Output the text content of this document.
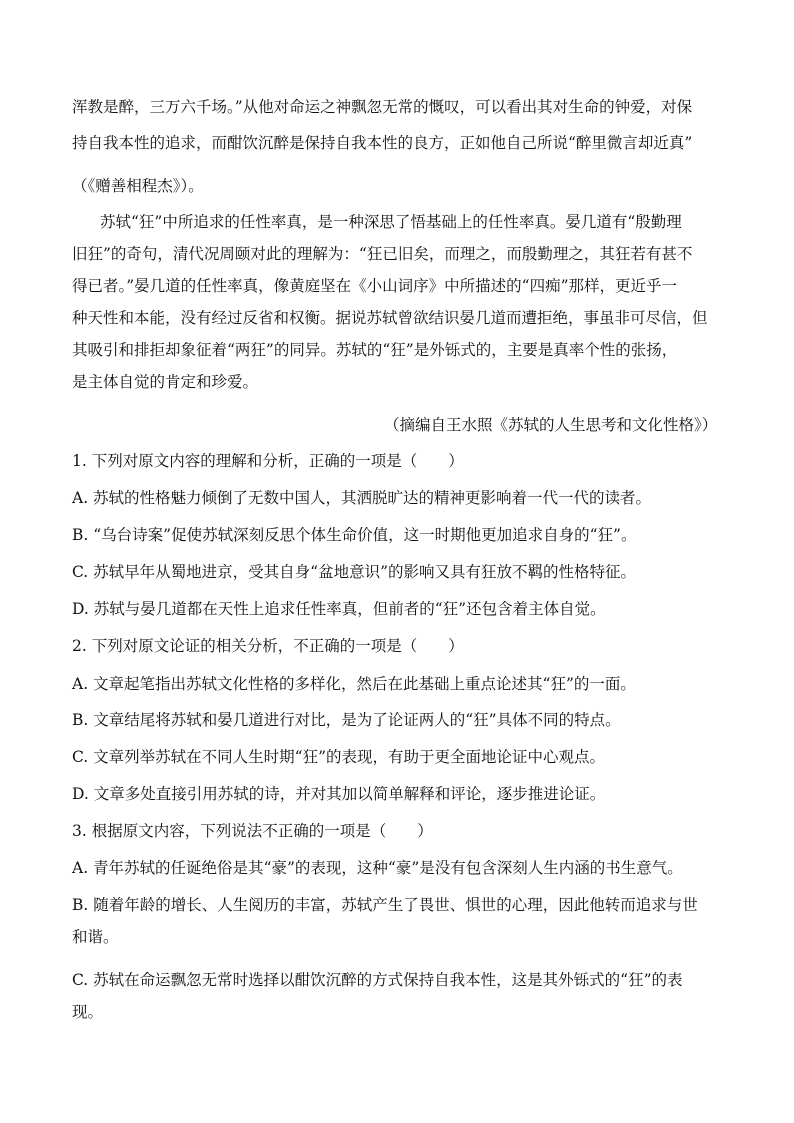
浑教是醉，三万六千场。”从他对命运之神飘忽无常的慨叹，可以看出其对生命的钟爱，对保
持自我本性的追求，而酣饮沉醉是保持自我本性的良方，正如他自己所说“醉里微言却近真”
（《赠善相程杰》）。
苏轼“狂”中所追求的任性率真，是一种深思了悟基础上的任性率真。晏几道有“殷勤理
旧狂”的奇句，清代况周颐对此的理解为：“狂已旧矣，而理之，而殷勤理之，其狂若有甚不
得已者。”晏几道的任性率真，像黄庭坚在《小山词序》中所描述的“四痴”那样，更近乎一
种天性和本能，没有经过反省和权衡。据说苏轼曾欲结识晏几道而遭拒绝，事虽非可尽信，但
其吸引和排拒却象征着“两狂”的同异。苏轼的“狂”是外铄式的，主要是真率个性的张扬，
是主体自觉的肯定和珍爱。
（摘编自王水照《苏轼的人生思考和文化性格》）
1. 下列对原文内容的理解和分析，正确的一项是（　　）
A. 苏轼的性格魅力倾倒了无数中国人，其洒脱旷达的精神更影响着一代一代的读者。
B. “乌台诗案”促使苏轼深刻反思个体生命价值，这一时期他更加追求自身的“狂”。
C. 苏轼早年从蜀地进京，受其自身“盆地意识”的影响又具有狂放不羁的性格特征。
D. 苏轼与晏几道都在天性上追求任性率真，但前者的“狂”还包含着主体自觉。
2. 下列对原文论证的相关分析，不正确的一项是（　　）
A. 文章起笔指出苏轼文化性格的多样化，然后在此基础上重点论述其“狂”的一面。
B. 文章结尾将苏轼和晏几道进行对比，是为了论证两人的“狂”具体不同的特点。
C. 文章列举苏轼在不同人生时期“狂”的表现，有助于更全面地论证中心观点。
D. 文章多处直接引用苏轼的诗，并对其加以简单解释和评论，逐步推进论证。
3. 根据原文内容，下列说法不正确的一项是（　　）
A. 青年苏轼的任诞绝俗是其“豪”的表现，这种“豪”是没有包含深刻人生内涵的书生意气。
B. 随着年龄的增长、人生阅历的丰富，苏轼产生了畏世、惧世的心理，因此他转而追求与世
和谐。
C. 苏轼在命运飘忽无常时选择以酣饮沉醉的方式保持自我本性，这是其外铄式的“狂”的表
现。
